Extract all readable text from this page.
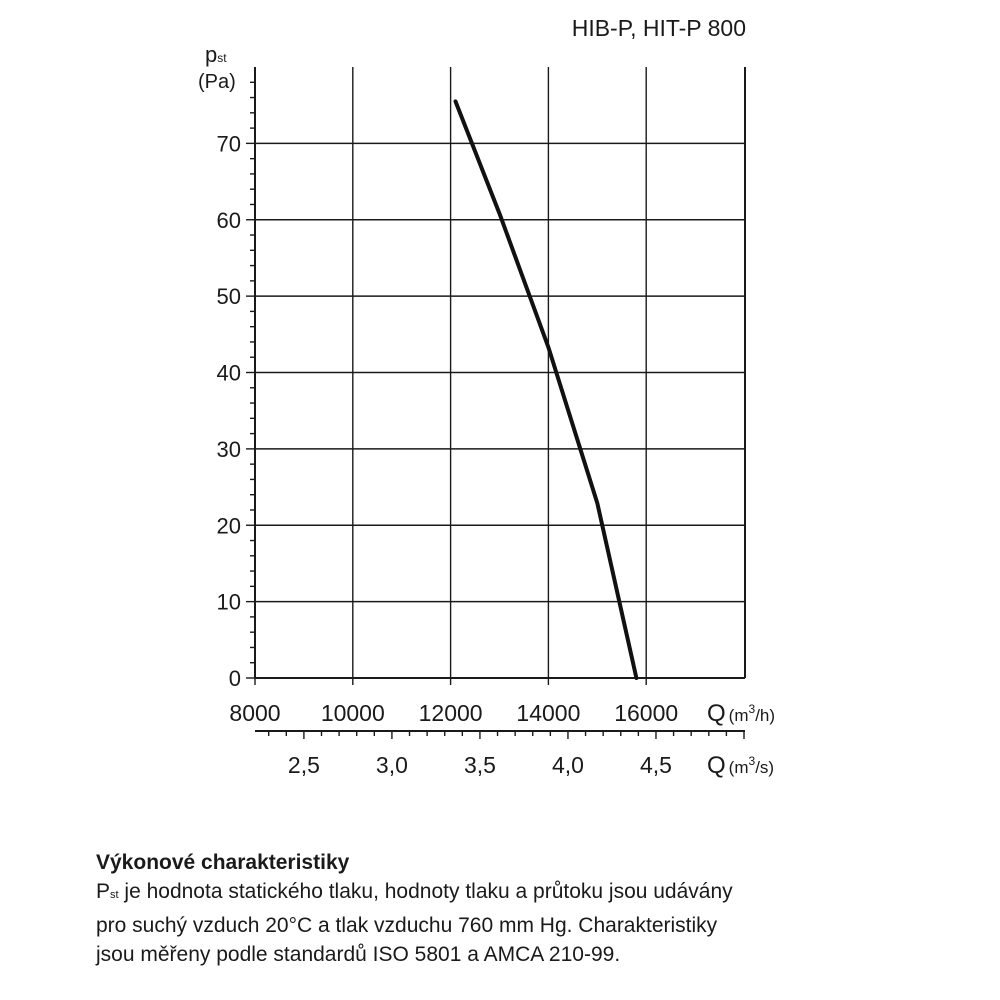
HIB-P, HIT-P 800
pst
(Pa)
Q ($m^3_{/h)}$
Q ($m^3_{/s)}$
0
10
20
30
40
50
60
70
8000 10000 12000 14000 16000
2,5 3,0 3,5 4,0 4,5
Výkonové charakteristiky
Pst je hodnota statického tlaku, hodnoty tlaku a průtoku jsou udávány
pro suchý vzduch 20°C a tlak vzduchu 760 mm Hg. Charakteristiky
jsou měřeny podle standardů ISO 5801 a AMCA 210-99.
